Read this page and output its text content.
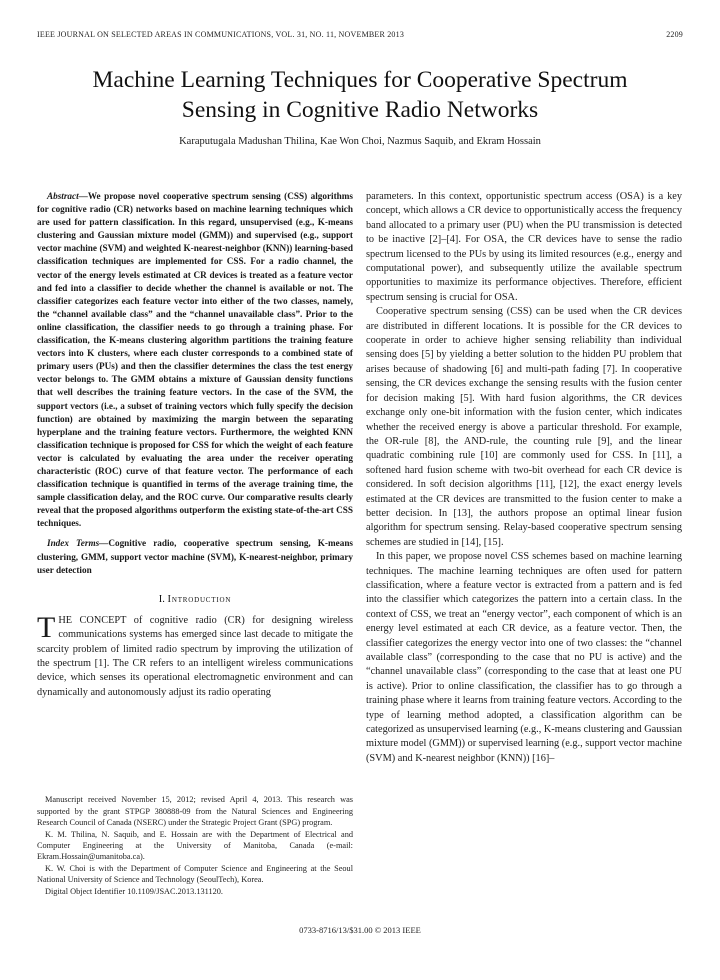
IEEE JOURNAL ON SELECTED AREAS IN COMMUNICATIONS, VOL. 31, NO. 11, NOVEMBER 2013	2209
Machine Learning Techniques for Cooperative Spectrum Sensing in Cognitive Radio Networks
Karaputugala Madushan Thilina, Kae Won Choi, Nazmus Saquib, and Ekram Hossain

Abstract—We propose novel cooperative spectrum sensing (CSS) algorithms for cognitive radio (CR) networks based on machine learning techniques which are used for pattern classification. In this regard, unsupervised (e.g., K-means clustering and Gaussian mixture model (GMM)) and supervised (e.g., support vector machine (SVM) and weighted K-nearest-neighbor (KNN)) learning-based classification techniques are implemented for CSS. For a radio channel, the vector of the energy levels estimated at CR devices is treated as a feature vector and fed into a classifier to decide whether the channel is available or not. The classifier categorizes each feature vector into either of the two classes, namely, the “channel available class” and the “channel unavailable class”. Prior to the online classification, the classifier needs to go through a training phase. For classification, the K-means clustering algorithm partitions the training feature vectors into K clusters, where each cluster corresponds to a combined state of primary users (PUs) and then the classifier determines the class the test energy vector belongs to. The GMM obtains a mixture of Gaussian density functions that well describes the training feature vectors. In the case of the SVM, the support vectors (i.e., a subset of training vectors which fully specify the decision function) are obtained by maximizing the margin between the separating hyperplane and the training feature vectors. Furthermore, the weighted KNN classification technique is proposed for CSS for which the weight of each feature vector is calculated by evaluating the area under the receiver operating characteristic (ROC) curve of that feature vector. The performance of each classification technique is quantified in terms of the average training time, the sample classification delay, and the ROC curve. Our comparative results clearly reveal that the proposed algorithms outperform the existing state-of-the-art CSS techniques.

Index Terms—Cognitive radio, cooperative spectrum sensing, K-means clustering, GMM, support vector machine (SVM), K-nearest-neighbor, primary user detection

I. Introduction

THE CONCEPT of cognitive radio (CR) for designing wireless communications systems has emerged since last decade to mitigate the scarcity problem of limited radio spectrum by improving the utilization of the spectrum [1]. The CR refers to an intelligent wireless communications device, which senses its operational electromagnetic environment and can dynamically and autonomously adjust its radio operating

Manuscript received November 15, 2012; revised April 4, 2013. This research was supported by the grant STPGP 380888-09 from the Natural Sciences and Engineering Research Council of Canada (NSERC) under the Strategic Project Grant (SPG) program.

K. M. Thilina, N. Saquib, and E. Hossain are with the Department of Electrical and Computer Engineering at the University of Manitoba, Canada (e-mail: Ekram.Hossain@umanitoba.ca).

K. W. Choi is with the Department of Computer Science and Engineering at the Seoul National University of Science and Technology (SeoulTech), Korea.

Digital Object Identifier 10.1109/JSAC.2013.131120.

parameters. In this context, opportunistic spectrum access (OSA) is a key concept, which allows a CR device to opportunistically access the frequency band allocated to a primary user (PU) when the PU transmission is detected to be inactive [2]–[4]. For OSA, the CR devices have to sense the radio spectrum licensed to the PUs by using its limited resources (e.g., energy and computational power), and subsequently utilize the available spectrum opportunities to maximize its performance objectives. Therefore, efficient spectrum sensing is crucial for OSA.

Cooperative spectrum sensing (CSS) can be used when the CR devices are distributed in different locations. It is possible for the CR devices to cooperate in order to achieve higher sensing reliability than individual sensing does [5] by yielding a better solution to the hidden PU problem that arises because of shadowing [6] and multi-path fading [7]. In cooperative sensing, the CR devices exchange the sensing results with the fusion center for decision making [5]. With hard fusion algorithms, the CR devices exchange only one-bit information with the fusion center, which indicates whether the received energy is above a particular threshold. For example, the OR-rule [8], the AND-rule, the counting rule [9], and the linear quadratic combining rule [10] are commonly used for CSS. In [11], a softened hard fusion scheme with two-bit overhead for each CR device is considered. In soft decision algorithms [11], [12], the exact energy levels estimated at the CR devices are transmitted to the fusion center to make a better decision. In [13], the authors propose an optimal linear fusion algorithm for spectrum sensing. Relay-based cooperative spectrum sensing schemes are studied in [14], [15].

In this paper, we propose novel CSS schemes based on machine learning techniques. The machine learning techniques are often used for pattern classification, where a feature vector is extracted from a pattern and is fed into the classifier which categorizes the pattern into a certain class. In the context of CSS, we treat an “energy vector”, each component of which is an energy level estimated at each CR device, as a feature vector. Then, the classifier categorizes the energy vector into one of two classes: the “channel available class” (corresponding to the case that no PU is active) and the “channel unavailable class” (corresponding to the case that at least one PU is active). Prior to online classification, the classifier has to go through a training phase where it learns from training feature vectors. According to the type of learning method adopted, a classification algorithm can be categorized as unsupervised learning (e.g., K-means clustering and Gaussian mixture model (GMM)) or supervised learning (e.g., support vector machine (SVM) and K-nearest neighbor (KNN)) [16]–

0733-8716/13/$31.00 © 2013 IEEE
